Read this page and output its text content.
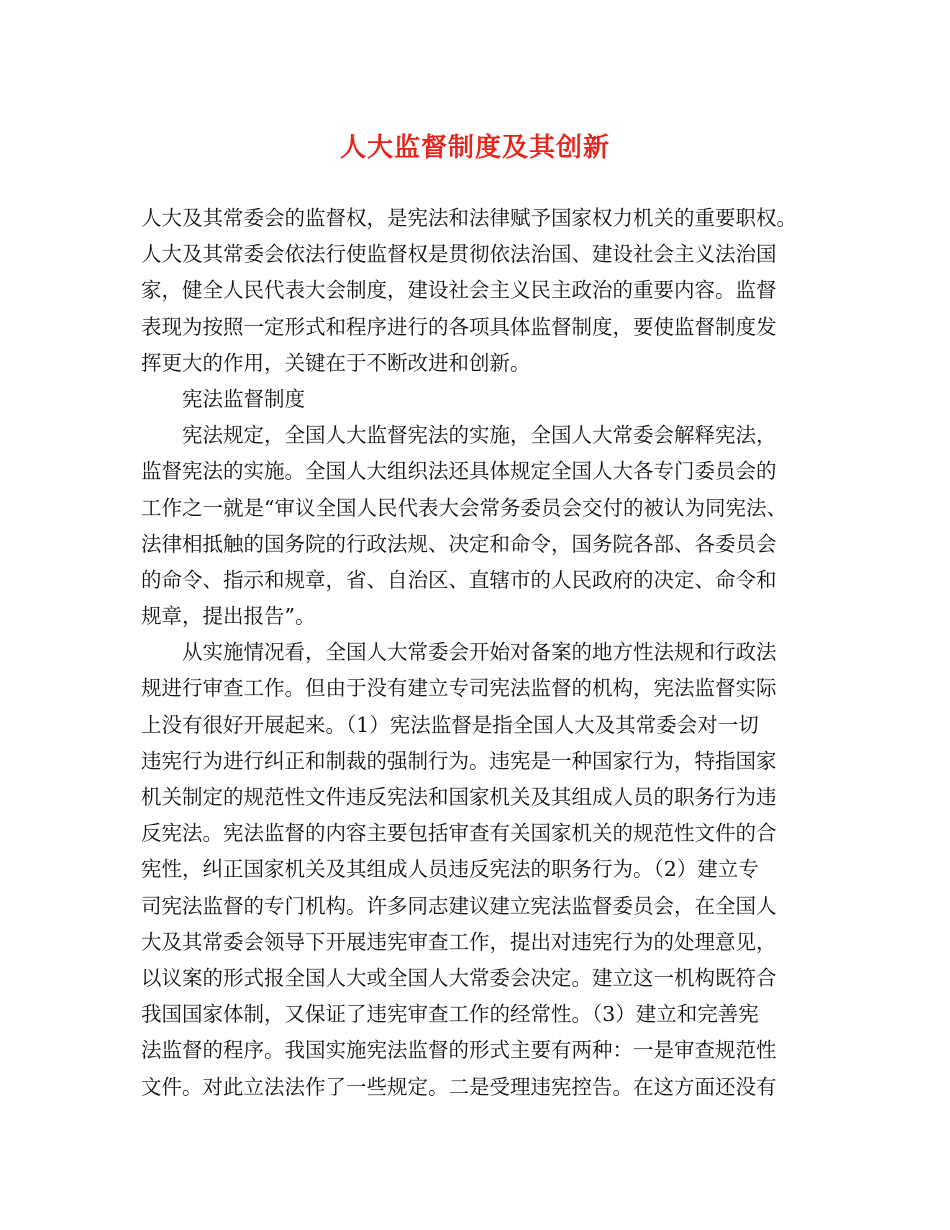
人大监督制度及其创新

人大及其常委会的监督权，是宪法和法律赋予国家权力机关的重要职权。

人大及其常委会依法行使监督权是贯彻依法治国、建设社会主义法治国

家，健全人民代表大会制度，建设社会主义民主政治的重要内容。监督

表现为按照一定形式和程序进行的各项具体监督制度，要使监督制度发

挥更大的作用，关键在于不断改进和创新。

宪法监督制度

宪法规定，全国人大监督宪法的实施，全国人大常委会解释宪法，

监督宪法的实施。全国人大组织法还具体规定全国人大各专门委员会的

工作之一就是“审议全国人民代表大会常务委员会交付的被认为同宪法、

法律相抵触的国务院的行政法规、决定和命令，国务院各部、各委员会

的命令、指示和规章，省、自治区、直辖市的人民政府的决定、命令和

规章，提出报告”。

从实施情况看，全国人大常委会开始对备案的地方性法规和行政法

规进行审查工作。但由于没有建立专司宪法监督的机构，宪法监督实际

上没有很好开展起来。（1）宪法监督是指全国人大及其常委会对一切

违宪行为进行纠正和制裁的强制行为。违宪是一种国家行为，特指国家

机关制定的规范性文件违反宪法和国家机关及其组成人员的职务行为违

反宪法。宪法监督的内容主要包括审查有关国家机关的规范性文件的合

宪性，纠正国家机关及其组成人员违反宪法的职务行为。（2）建立专

司宪法监督的专门机构。许多同志建议建立宪法监督委员会，在全国人

大及其常委会领导下开展违宪审查工作，提出对违宪行为的处理意见，

以议案的形式报全国人大或全国人大常委会决定。建立这一机构既符合

我国国家体制，又保证了违宪审查工作的经常性。（3）建立和完善宪

法监督的程序。我国实施宪法监督的形式主要有两种：一是审查规范性

文件。对此立法法作了一些规定。二是受理违宪控告。在这方面还没有
